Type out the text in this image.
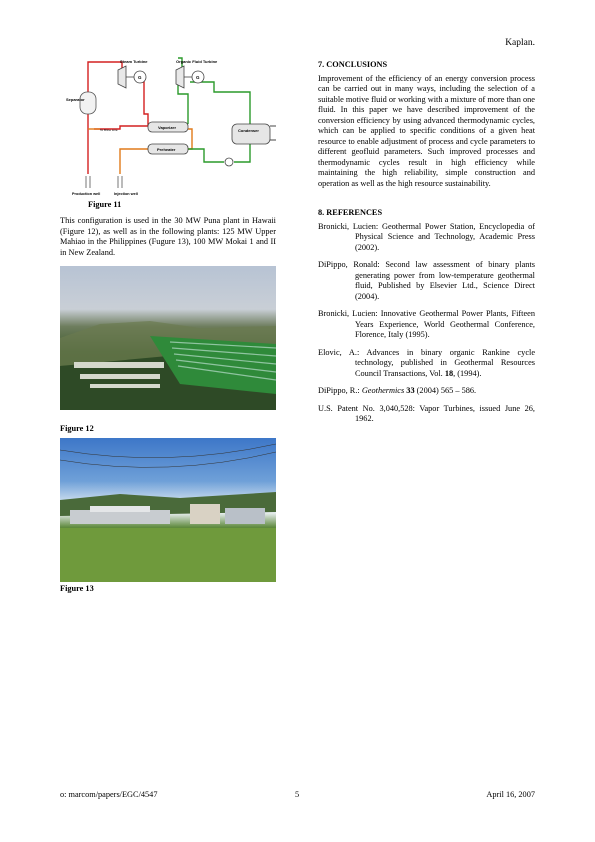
Kaplan.
Separator
G
Steam Turbine
G
Organic Fluid Turbine
To Brine Line	Vaporizer
Preheater
Condenser
Production well	Injection well
Figure 11
This configuration is used in the 30 MW Puna plant in Hawaii (Figure 12), as well as in the following plants: 125 MW Upper Mahiao in the Philippines (Fugure 13), 100 MW Mokai 1 and II in New Zealand.
Figure 12
Figure 13
7. CONCLUSIONS

Improvement of the efficiency of an energy conversion process can be carried out in many ways, including the selection of a suitable motive fluid or working with a mixture of more than one fluid. In this paper we have described improvement of the conversion efficiency by using advanced thermodynamic cycles, which can be applied to specific conditions of a given heat resource to enable adjustment of process and cycle parameters to different geofluid parameters. Such improved processes and thermodynamic cycles result in high efficiency while maintaining the high reliability, simple construction and operation as well as the high resource sustainability.

8. REFERENCES
Bronicki, Lucien: Geothermal Power Station, Encyclopedia of Physical Science and Technology, Academic Press (2002).
DiPippo, Ronald: Second law assessment of binary plants generating power from low-temperature geothermal fluid, Published by Elsevier Ltd., Science Direct (2004).
Bronicki, Lucien: Innovative Geothermal Power Plants, Fifteen Years Experience, World Geothermal Conference, Florence, Italy (1995).
Elovic, A.: Advances in binary organic Rankine cycle technology, published in Geothermal Resources Council Transactions, Vol. 18, (1994).
DiPippo, R.: Geothermics 33 (2004) 565 – 586.
U.S. Patent No. 3,040,528: Vapor Turbines, issued June 26, 1962.
o: marcom/papers/EGC/4547	5	April 16, 2007
